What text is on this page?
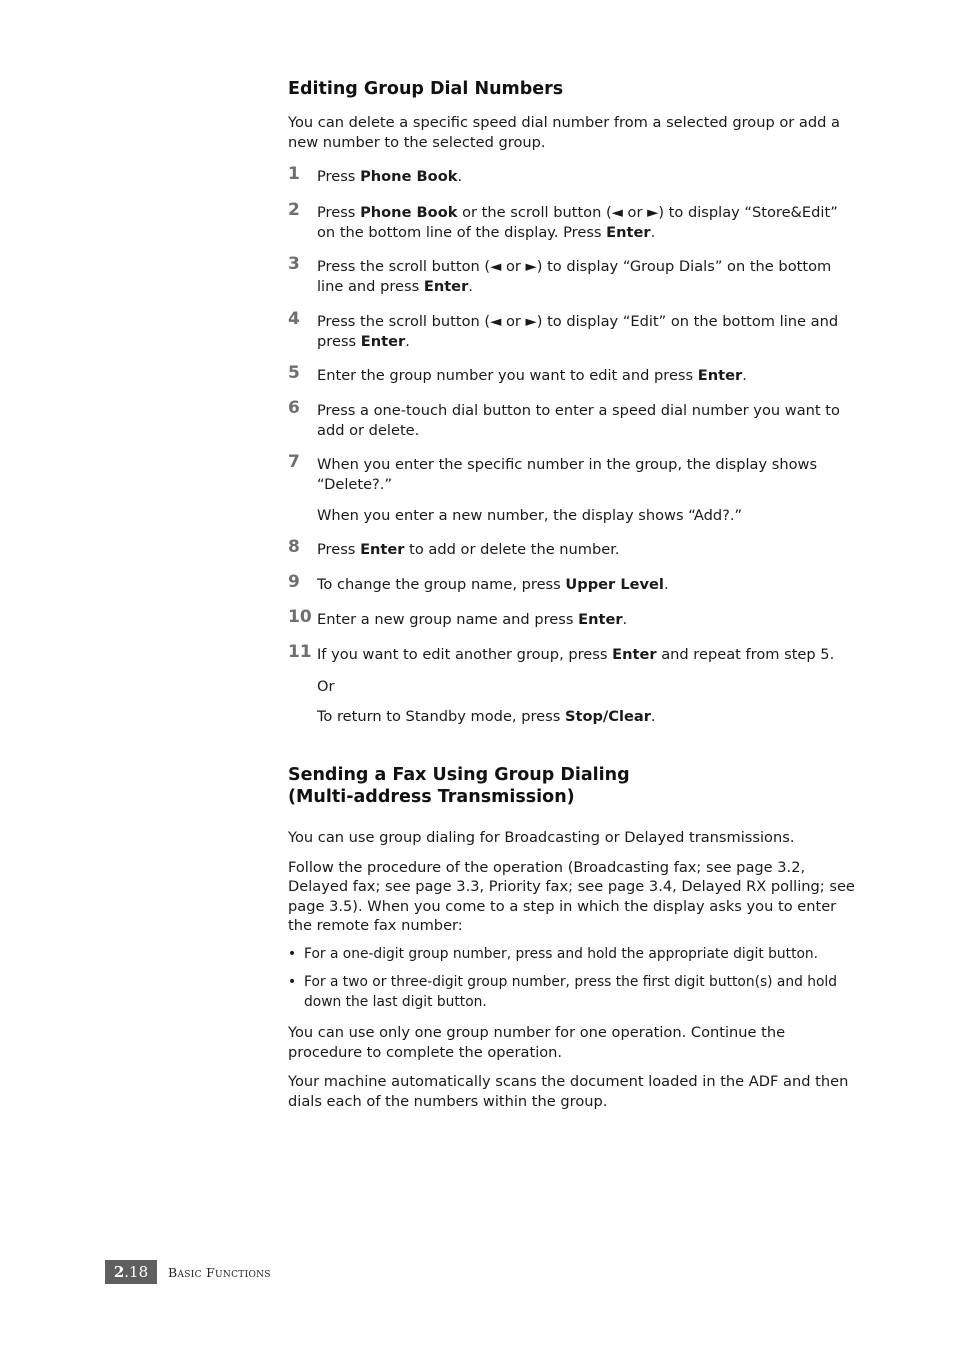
Editing Group Dial Numbers

You can delete a specific speed dial number from a selected group or add a new number to the selected group.

1 Press Phone Book.
2 Press Phone Book or the scroll button (◄ or ►) to display “Store&Edit” on the bottom line of the display. Press Enter.
3 Press the scroll button (◄ or ►) to display “Group Dials” on the bottom line and press Enter.
4 Press the scroll button (◄ or ►) to display “Edit” on the bottom line and press Enter.
5 Enter the group number you want to edit and press Enter.
6 Press a one-touch dial button to enter a speed dial number you want to add or delete.
7 When you enter the specific number in the group, the display shows “Delete?.”
When you enter a new number, the display shows “Add?.”
8 Press Enter to add or delete the number.
9 To change the group name, press Upper Level.
10 Enter a new group name and press Enter.
11 If you want to edit another group, press Enter and repeat from step 5.
Or
To return to Standby mode, press Stop/Clear.
Sending a Fax Using Group Dialing
(Multi-address Transmission)

You can use group dialing for Broadcasting or Delayed transmissions.

Follow the procedure of the operation (Broadcasting fax; see page 3.2, Delayed fax; see page 3.3, Priority fax; see page 3.4, Delayed RX polling; see page 3.5). When you come to a step in which the display asks you to enter the remote fax number:

• For a one-digit group number, press and hold the appropriate digit button.
• For a two or three-digit group number, press the first digit button(s) and hold down the last digit button.

You can use only one group number for one operation. Continue the procedure to complete the operation.

Your machine automatically scans the document loaded in the ADF and then dials each of the numbers within the group.

2 .18 Basic Functions
